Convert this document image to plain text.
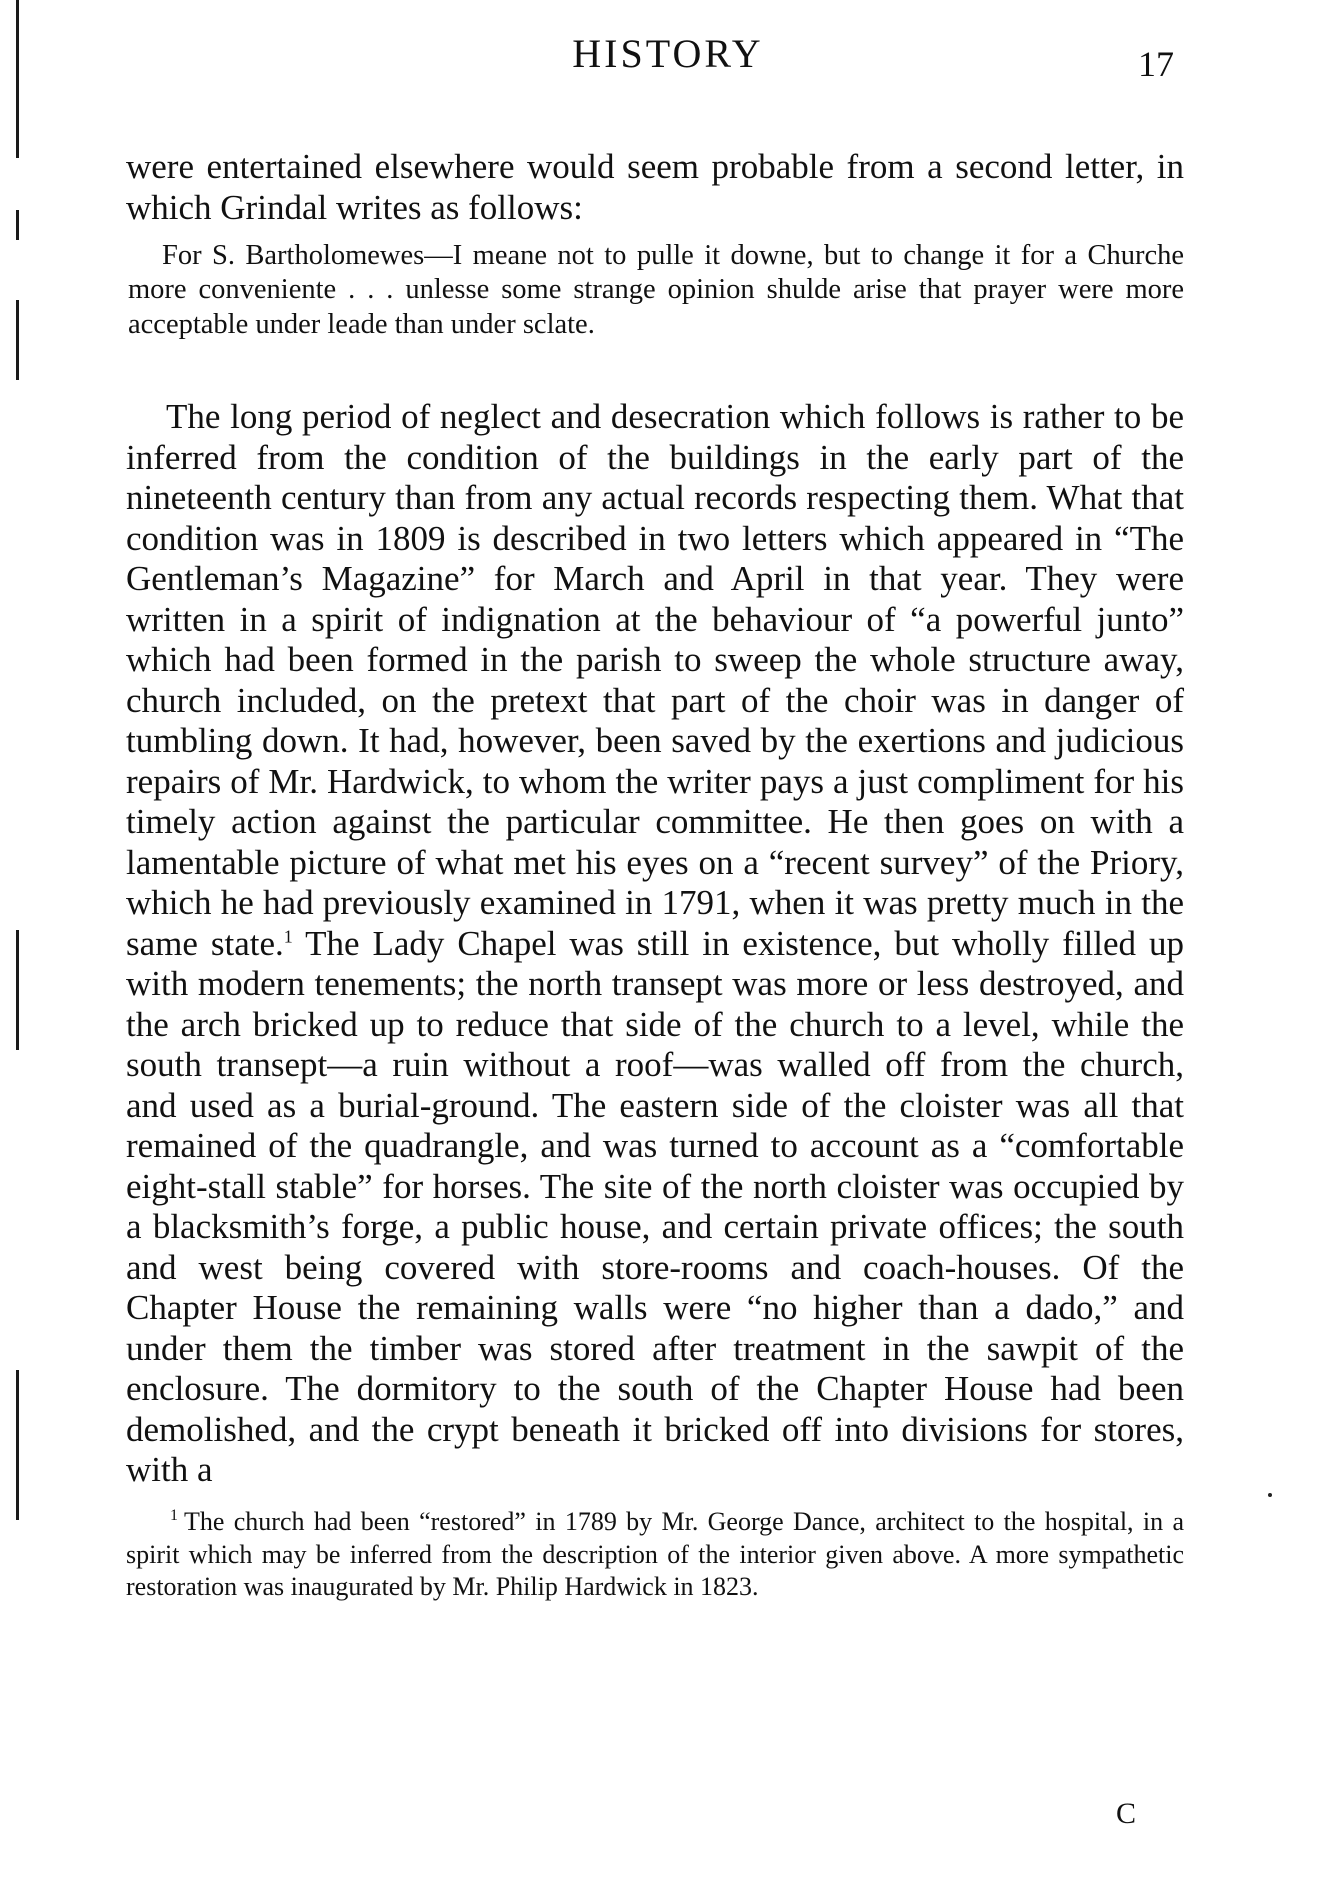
HISTORY	17

were entertained elsewhere would seem probable from a second letter, in which Grindal writes as follows:

For S. Bartholomewes—I meane not to pulle it downe, but to change it for a Churche more conveniente . . . unlesse some strange opinion shulde arise that prayer were more acceptable under leade than under sclate.

The long period of neglect and desecration which follows is rather to be inferred from the condition of the buildings in the early part of the nineteenth century than from any actual records respecting them. What that condition was in 1809 is described in two letters which appeared in “The Gentleman’s Magazine” for March and April in that year. They were written in a spirit of indignation at the behaviour of “a powerful junto” which had been formed in the parish to sweep the whole structure away, church included, on the pretext that part of the choir was in danger of tumbling down. It had, however, been saved by the exertions and judicious repairs of Mr. Hardwick, to whom the writer pays a just compliment for his timely action against the particular committee. He then goes on with a lamentable picture of what met his eyes on a “recent survey” of the Priory, which he had previously examined in 1791, when it was pretty much in the same state.$^1$ The Lady Chapel was still in existence, but wholly filled up with modern tenements; the north transept was more or less destroyed, and the arch bricked up to reduce that side of the church to a level, while the south transept—a ruin without a roof—was walled off from the church, and used as a burial-ground. The eastern side of the cloister was all that remained of the quadrangle, and was turned to account as a “comfortable eight-stall stable” for horses. The site of the north cloister was occupied by a blacksmith’s forge, a public house, and certain private offices; the south and west being covered with store-rooms and coach-houses. Of the Chapter House the remaining walls were “no higher than a dado,” and under them the timber was stored after treatment in the sawpit of the enclosure. The dormitory to the south of the Chapter House had been demolished, and the crypt beneath it bricked off into divisions for stores, with a

$^1$ The church had been “restored” in 1789 by Mr. George Dance, architect to the hospital, in a spirit which may be inferred from the description of the interior given above. A more sympathetic restoration was inaugurated by Mr. Philip Hardwick in 1823.

C
